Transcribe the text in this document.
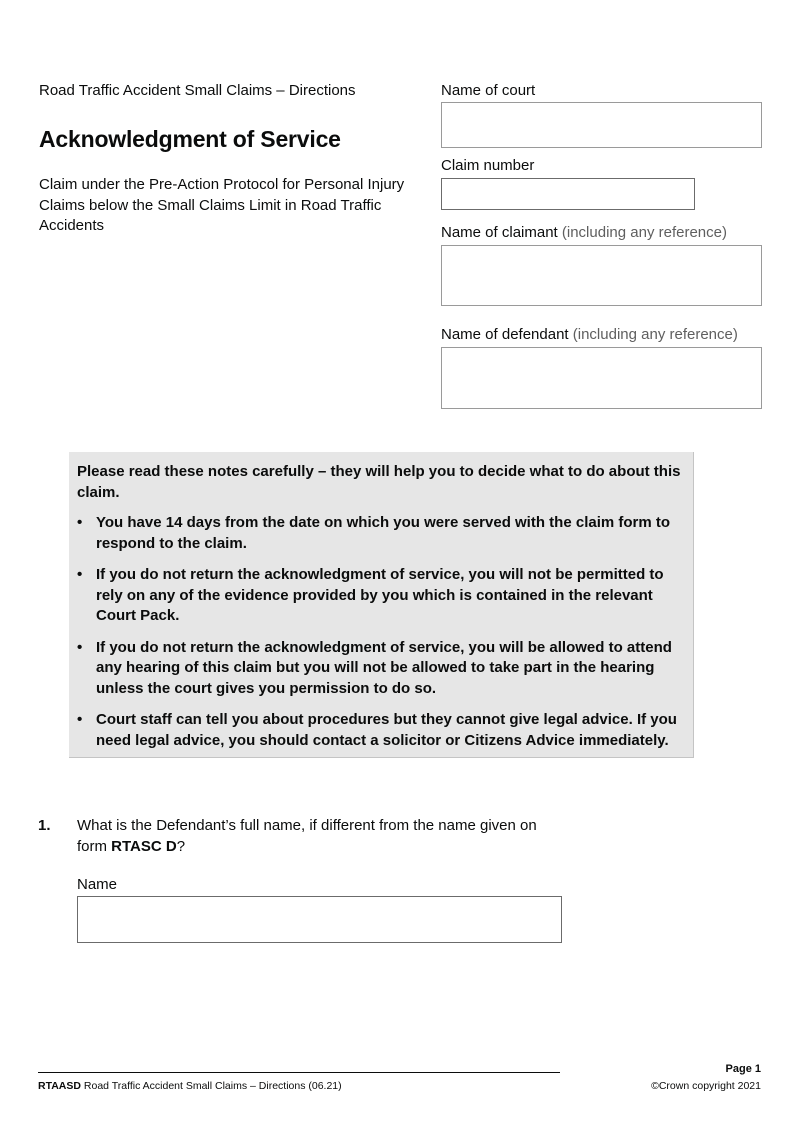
Road Traffic Accident Small Claims – Directions
Acknowledgment of Service
Claim under the Pre-Action Protocol for Personal Injury Claims below the Small Claims Limit in Road Traffic Accidents
Name of court
Claim number
Name of claimant (including any reference)
Name of defendant (including any reference)

Please read these notes carefully – they will help you to decide what to do about this claim.

• You have 14 days from the date on which you were served with the claim form to respond to the claim.
• If you do not return the acknowledgment of service, you will not be permitted to rely on any of the evidence provided by you which is contained in the relevant Court Pack.
• If you do not return the acknowledgment of service, you will be allowed to attend any hearing of this claim but you will not be allowed to take part in the hearing unless the court gives you permission to do so.
• Court staff can tell you about procedures but they cannot give legal advice. If you need legal advice, you should contact a solicitor or Citizens Advice immediately.
1. What is the Defendant’s full name, if different from the name given on form RTASC D?
Name
RTAASD Road Traffic Accident Small Claims – Directions (06.21)
Page 1
©Crown copyright 2021
